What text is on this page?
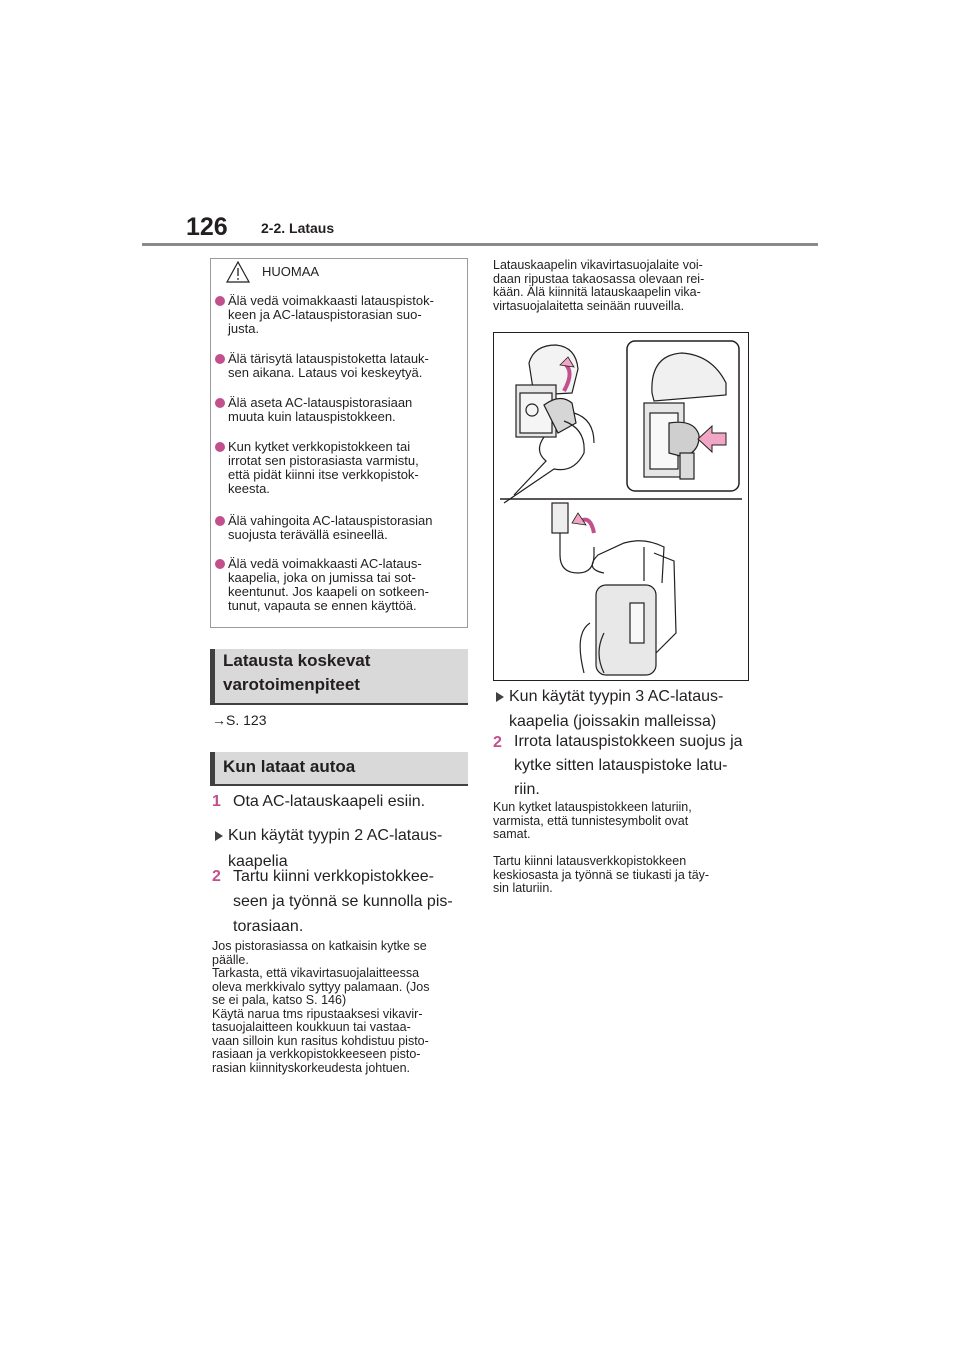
126 2-2. Lataus
HUOMAA
Älä vedä voimakkaasti latauspistok-
keen ja AC-latauspistorasian suo-
justa.
Älä tärisytä latauspistoketta latauk-
sen aikana. Lataus voi keskeytyä.
Älä aseta AC-latauspistorasiaan
muuta kuin latauspistokkeen.
Kun kytket verkkopistokkeen tai
irrotat sen pistorasiasta varmistu,
että pidät kiinni itse verkkopistok-
keesta.
Älä vahingoita AC-latauspistorasian
suojusta terävällä esineellä.
Älä vedä voimakkaasti AC-lataus-
kaapelia, joka on jumissa tai sot-
keentunut. Jos kaapeli on sotkeen-
tunut, vapauta se ennen käyttöä.
Latausta koskevat
varotoimenpiteet
→S. 123
Kun lataat autoa
1 Ota AC-latauskaapeli esiin.
Kun käytät tyypin 2 AC-lataus-
kaapelia
2 Tartu kiinni verkkopistokkee-
seen ja työnnä se kunnolla pis-
torasiaan.
Jos pistorasiassa on katkaisin kytke se
päälle.
Tarkasta, että vikavirtasuojalaitteessa
oleva merkkivalo syttyy palamaan. (Jos
se ei pala, katso S. 146)
Käytä narua tms ripustaaksesi vikavir-
tasuojalaitteen koukkuun tai vastaa-
vaan silloin kun rasitus kohdistuu pisto-
rasiaan ja verkkopistokkeeseen pisto-
rasian kiinnityskorkeudesta johtuen.
Latauskaapelin vikavirtasuojalaite voi-
daan ripustaa takaosassa olevaan rei-
kään. Älä kiinnitä latauskaapelin vika-
virtasuojalaitetta seinään ruuveilla.
Kun käytät tyypin 3 AC-lataus-
kaapelia (joissakin malleissa)
2 Irrota latauspistokkeen suojus ja
kytke sitten latauspistoke latu-
riin.
Kun kytket latauspistokkeen laturiin,
varmista, että tunnistesymbolit ovat
samat.
Tartu kiinni latausverkkopistokkeen
keskiosasta ja työnnä se tiukasti ja täy-
sin laturiin.
